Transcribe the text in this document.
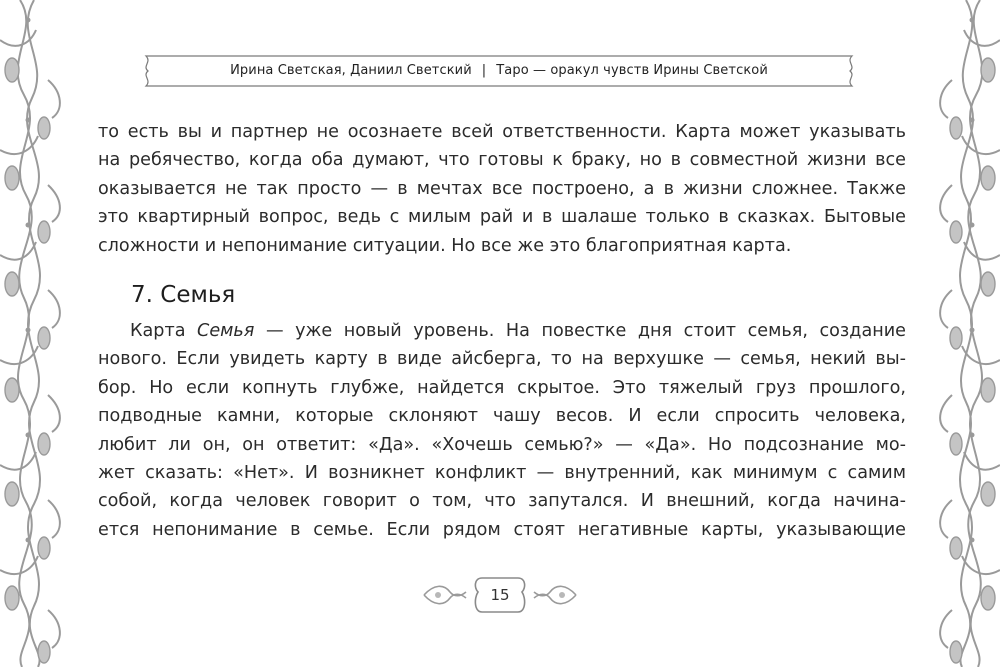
Ирина Светская, Даниил Светский | Таро — оракул чувств Ирины Светской
то есть вы и партнер не осознаете всей ответственности. Карта может указывать
на ребячество, когда оба думают, что готовы к браку, но в совместной жизни все
оказывается не так просто — в мечтах все построено, а в жизни сложнее. Также
это квартирный вопрос, ведь с милым рай и в шалаше только в сказках. Бытовые
сложности и непонимание ситуации. Но все же это благоприятная карта.
7. Семья
Карта Семья — уже новый уровень. На повестке дня стоит семья, создание
нового. Если увидеть карту в виде айсберга, то на верхушке — семья, некий вы-
бор. Но если копнуть глубже, найдется скрытое. Это тяжелый груз прошлого,
подводные камни, которые склоняют чашу весов. И если спросить человека,
любит ли он, он ответит: «Да». «Хочешь семью?» — «Да». Но подсознание мо-
жет сказать: «Нет». И возникнет конфликт — внутренний, как минимум с самим
собой, когда человек говорит о том, что запутался. И внешний, когда начина-
ется непонимание в семье. Если рядом стоят негативные карты, указывающие
15
